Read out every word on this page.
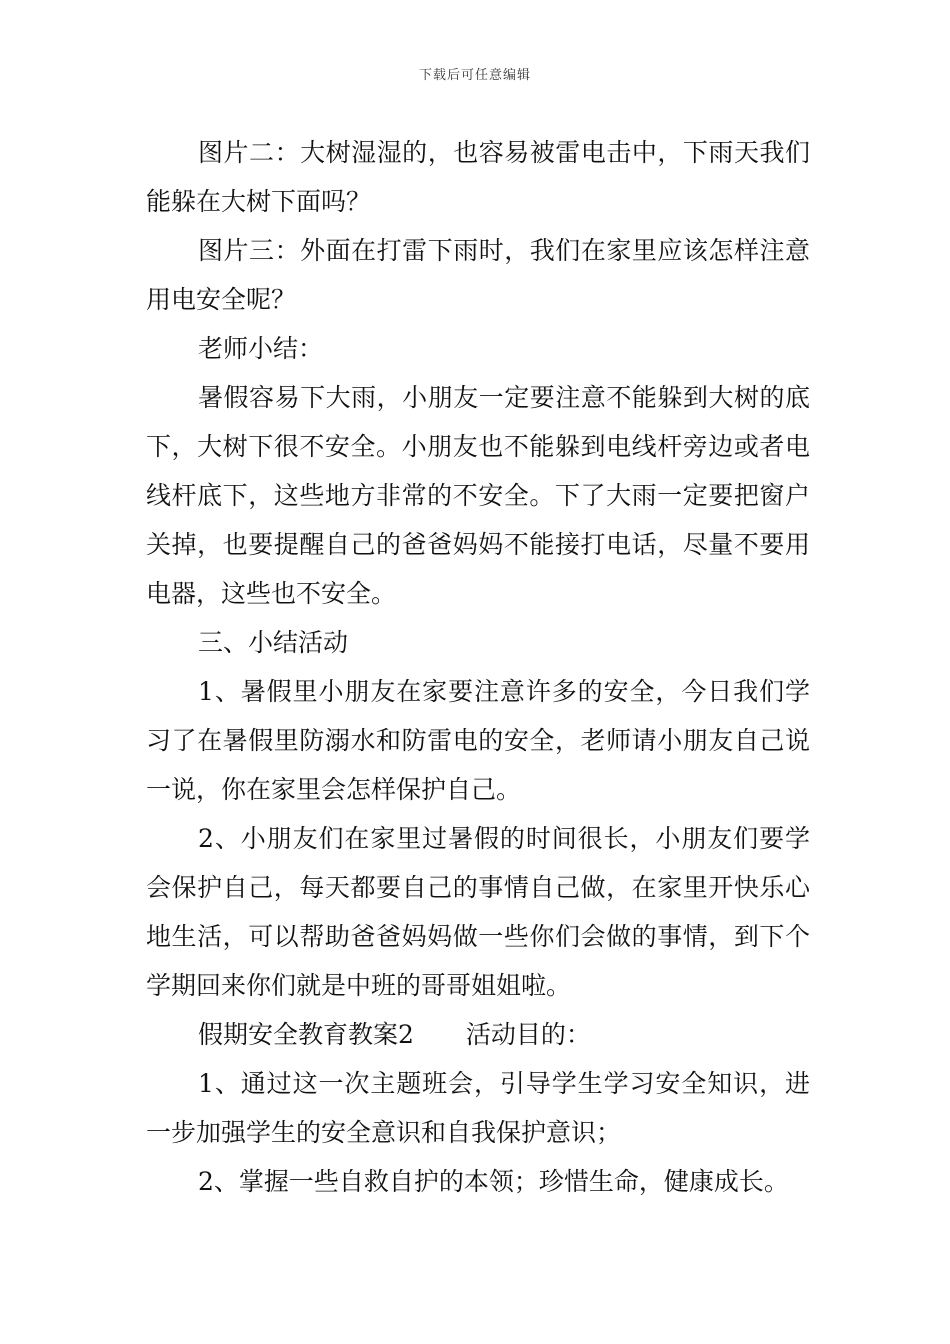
下载后可任意编辑

图片二：大树湿湿的，也容易被雷电击中，下雨天我们能躲在大树下面吗？

图片三：外面在打雷下雨时，我们在家里应该怎样注意用电安全呢？

老师小结：

暑假容易下大雨，小朋友一定要注意不能躲到大树的底下，大树下很不安全。小朋友也不能躲到电线杆旁边或者电线杆底下，这些地方非常的不安全。下了大雨一定要把窗户关掉，也要提醒自己的爸爸妈妈不能接打电话，尽量不要用电器，这些也不安全。

三、小结活动

1、暑假里小朋友在家要注意许多的安全，今日我们学习了在暑假里防溺水和防雷电的安全，老师请小朋友自己说一说，你在家里会怎样保护自己。

2、小朋友们在家里过暑假的时间很长，小朋友们要学会保护自己，每天都要自己的事情自己做，在家里开快乐心地生活，可以帮助爸爸妈妈做一些你们会做的事情，到下个学期回来你们就是中班的哥哥姐姐啦。

假期安全教育教案2 活动目的：

1、通过这一次主题班会，引导学生学习安全知识，进一步加强学生的安全意识和自我保护意识；

2、掌握一些自救自护的本领；珍惜生命，健康成长。
